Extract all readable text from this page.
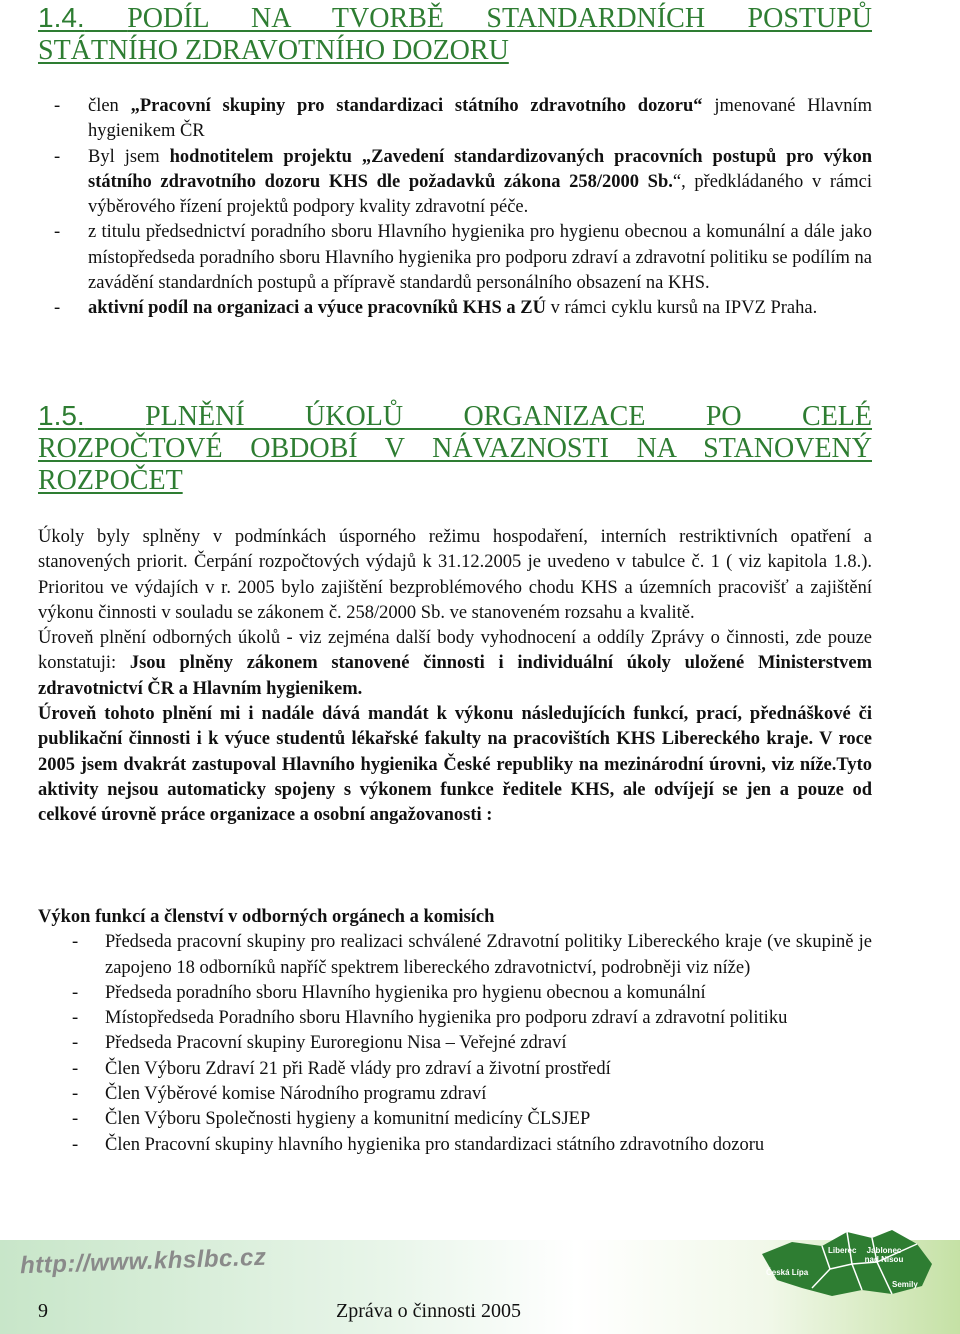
1.4. PODÍL NA TVORBĚ STANDARDNÍCH POSTUPŮ
STÁTNÍHO ZDRAVOTNÍHO DOZORU
- člen „Pracovní skupiny pro standardizaci státního zdravotního dozoru“ jmenované Hlavním hygienikem ČR
- Byl jsem hodnotitelem projektu „Zavedení standardizovaných pracovních postupů pro výkon státního zdravotního dozoru KHS dle požadavků zákona 258/2000 Sb.“, předkládaného v rámci výběrového řízení projektů podpory kvality zdravotní péče.
- z titulu předsednictví poradního sboru Hlavního hygienika pro hygienu obecnou a komunální a dále jako místopředseda poradního sboru Hlavního hygienika pro podporu zdraví a zdravotní politiku se podílím na zavádění standardních postupů a přípravě standardů personálního obsazení na KHS.
- aktivní podíl na organizaci a výuce pracovníků KHS a ZÚ v rámci cyklu kursů na IPVZ Praha.
1.5. PLNĚNÍ ÚKOLŮ ORGANIZACE PO CELÉ
ROZPOČTOVÉ OBDOBÍ V NÁVAZNOSTI NA STANOVENÝ
ROZPOČET

Úkoly byly splněny v podmínkách úsporného režimu hospodaření, interních restriktivních opatření a stanovených priorit. Čerpání rozpočtových výdajů k 31.12.2005 je uvedeno v tabulce č. 1 ( viz kapitola 1.8.). Prioritou ve výdajích v r. 2005 bylo zajištění bezproblémového chodu KHS a územních pracovišť a zajištění výkonu činnosti v souladu se zákonem č. 258/2000 Sb. ve stanoveném rozsahu a kvalitě.

Úroveň plnění odborných úkolů - viz zejména další body vyhodnocení a oddíly Zprávy o činnosti, zde pouze konstatuji: Jsou plněny zákonem stanovené činnosti i individuální úkoly uložené Ministerstvem zdravotnictví ČR a Hlavním hygienikem.

Úroveň tohoto plnění mi i nadále dává mandát k výkonu následujících funkcí, prací, přednáškové či publikační činnosti i k výuce studentů lékařské fakulty na pracovištích KHS Libereckého kraje. V roce 2005 jsem dvakrát zastupoval Hlavního hygienika České republiky na mezinárodní úrovni, viz níže.Tyto aktivity nejsou automaticky spojeny s výkonem funkce ředitele KHS, ale odvíjejí se jen a pouze od celkové úrovně práce organizace a osobní angažovanosti :

Výkon funkcí a členství v odborných orgánech a komisích

- Předseda pracovní skupiny pro realizaci schválené Zdravotní politiky Libereckého kraje (ve skupině je zapojeno 18 odborníků napříč spektrem libereckého zdravotnictví, podrobněji viz níže)
- Předseda poradního sboru Hlavního hygienika pro hygienu obecnou a komunální
- Místopředseda Poradního sboru Hlavního hygienika pro podporu zdraví a zdravotní politiku
- Předseda Pracovní skupiny Euroregionu Nisa – Veřejné zdraví
- Člen Výboru Zdraví 21 při Radě vlády pro zdraví a životní prostředí
- Člen Výběrové komise Národního programu zdraví
- Člen Výboru Společnosti hygieny a komunitní medicíny ČLSJEP
- Člen Pracovní skupiny hlavního hygienika pro standardizaci státního zdravotního dozoru
http://www.khslbc.cz	Liberec	Jablonec nad Nisou
Česká Lípa
Semily
9	Zpráva o činnosti 2005
